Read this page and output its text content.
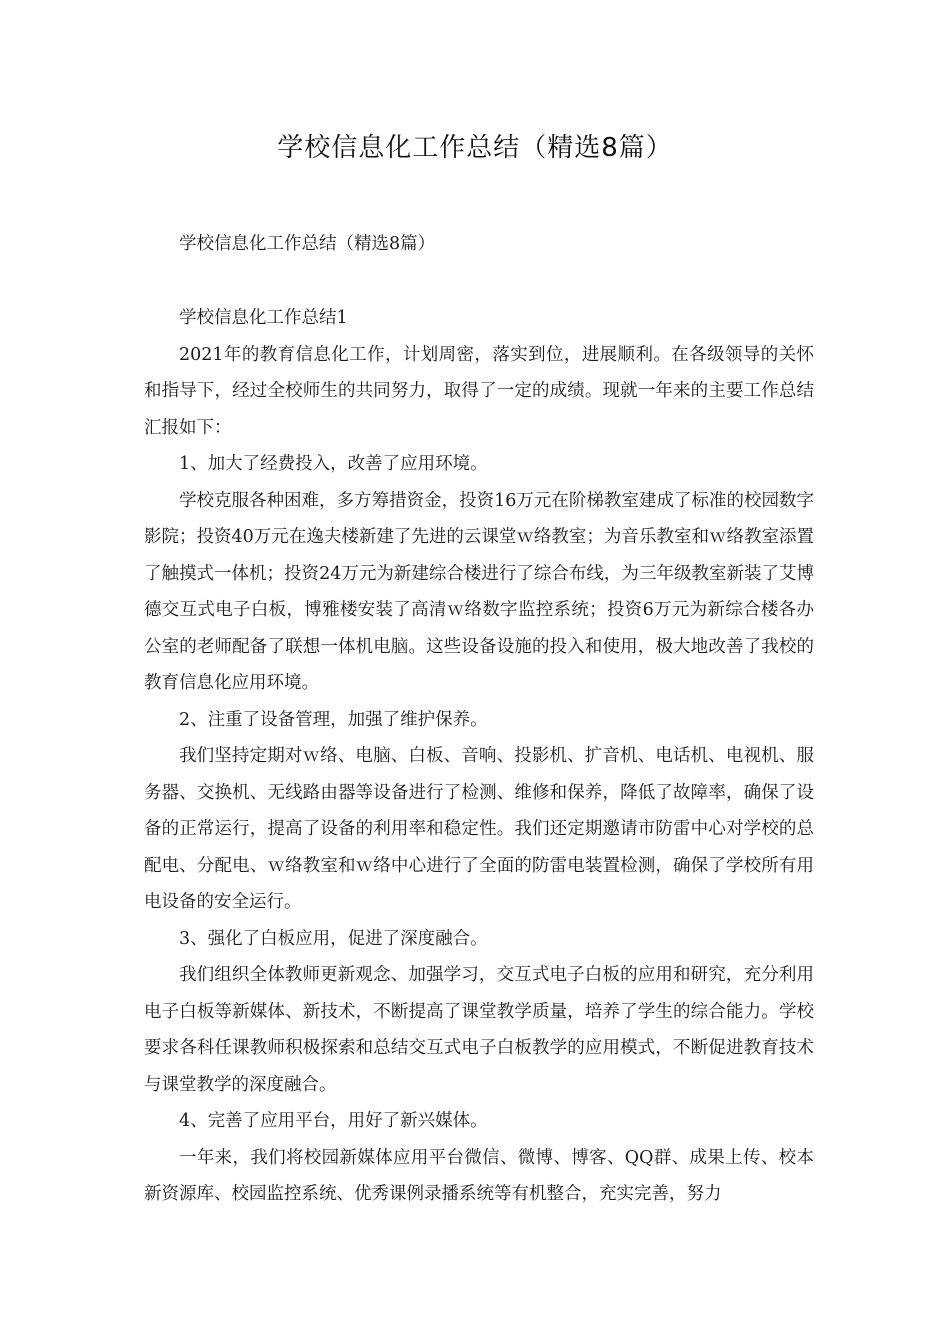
学校信息化工作总结（精选8篇）

学校信息化工作总结（精选8篇）

学校信息化工作总结1

2021年的教育信息化工作，计划周密，落实到位，进展顺利。在各级领导的关怀和指导下，经过全校师生的共同努力，取得了一定的成绩。现就一年来的主要工作总结汇报如下：

1、加大了经费投入，改善了应用环境。

学校克服各种困难，多方筹措资金，投资16万元在阶梯教室建成了标准的校园数字影院；投资40万元在逸夫楼新建了先进的云课堂ｗ络教室；为音乐教室和ｗ络教室添置了触摸式一体机；投资24万元为新建综合楼进行了综合布线，为三年级教室新装了艾博德交互式电子白板，博雅楼安装了高清ｗ络数字监控系统；投资6万元为新综合楼各办公室的老师配备了联想一体机电脑。这些设备设施的投入和使用，极大地改善了我校的教育信息化应用环境。

2、注重了设备管理，加强了维护保养。

我们坚持定期对ｗ络、电脑、白板、音响、投影机、扩音机、电话机、电视机、服务器、交换机、无线路由器等设备进行了检测、维修和保养，降低了故障率，确保了设备的正常运行，提高了设备的利用率和稳定性。我们还定期邀请市防雷中心对学校的总配电、分配电、ｗ络教室和ｗ络中心进行了全面的防雷电装置检测，确保了学校所有用电设备的安全运行。

3、强化了白板应用，促进了深度融合。

我们组织全体教师更新观念、加强学习，交互式电子白板的应用和研究，充分利用电子白板等新媒体、新技术，不断提高了课堂教学质量，培养了学生的综合能力。学校要求各科任课教师积极探索和总结交互式电子白板教学的应用模式，不断促进教育技术与课堂教学的深度融合。

4、完善了应用平台，用好了新兴媒体。

一年来，我们将校园新媒体应用平台微信、微博、博客、QQ群、成果上传、校本新资源库、校园监控系统、优秀课例录播系统等有机整合，充实完善，努力
